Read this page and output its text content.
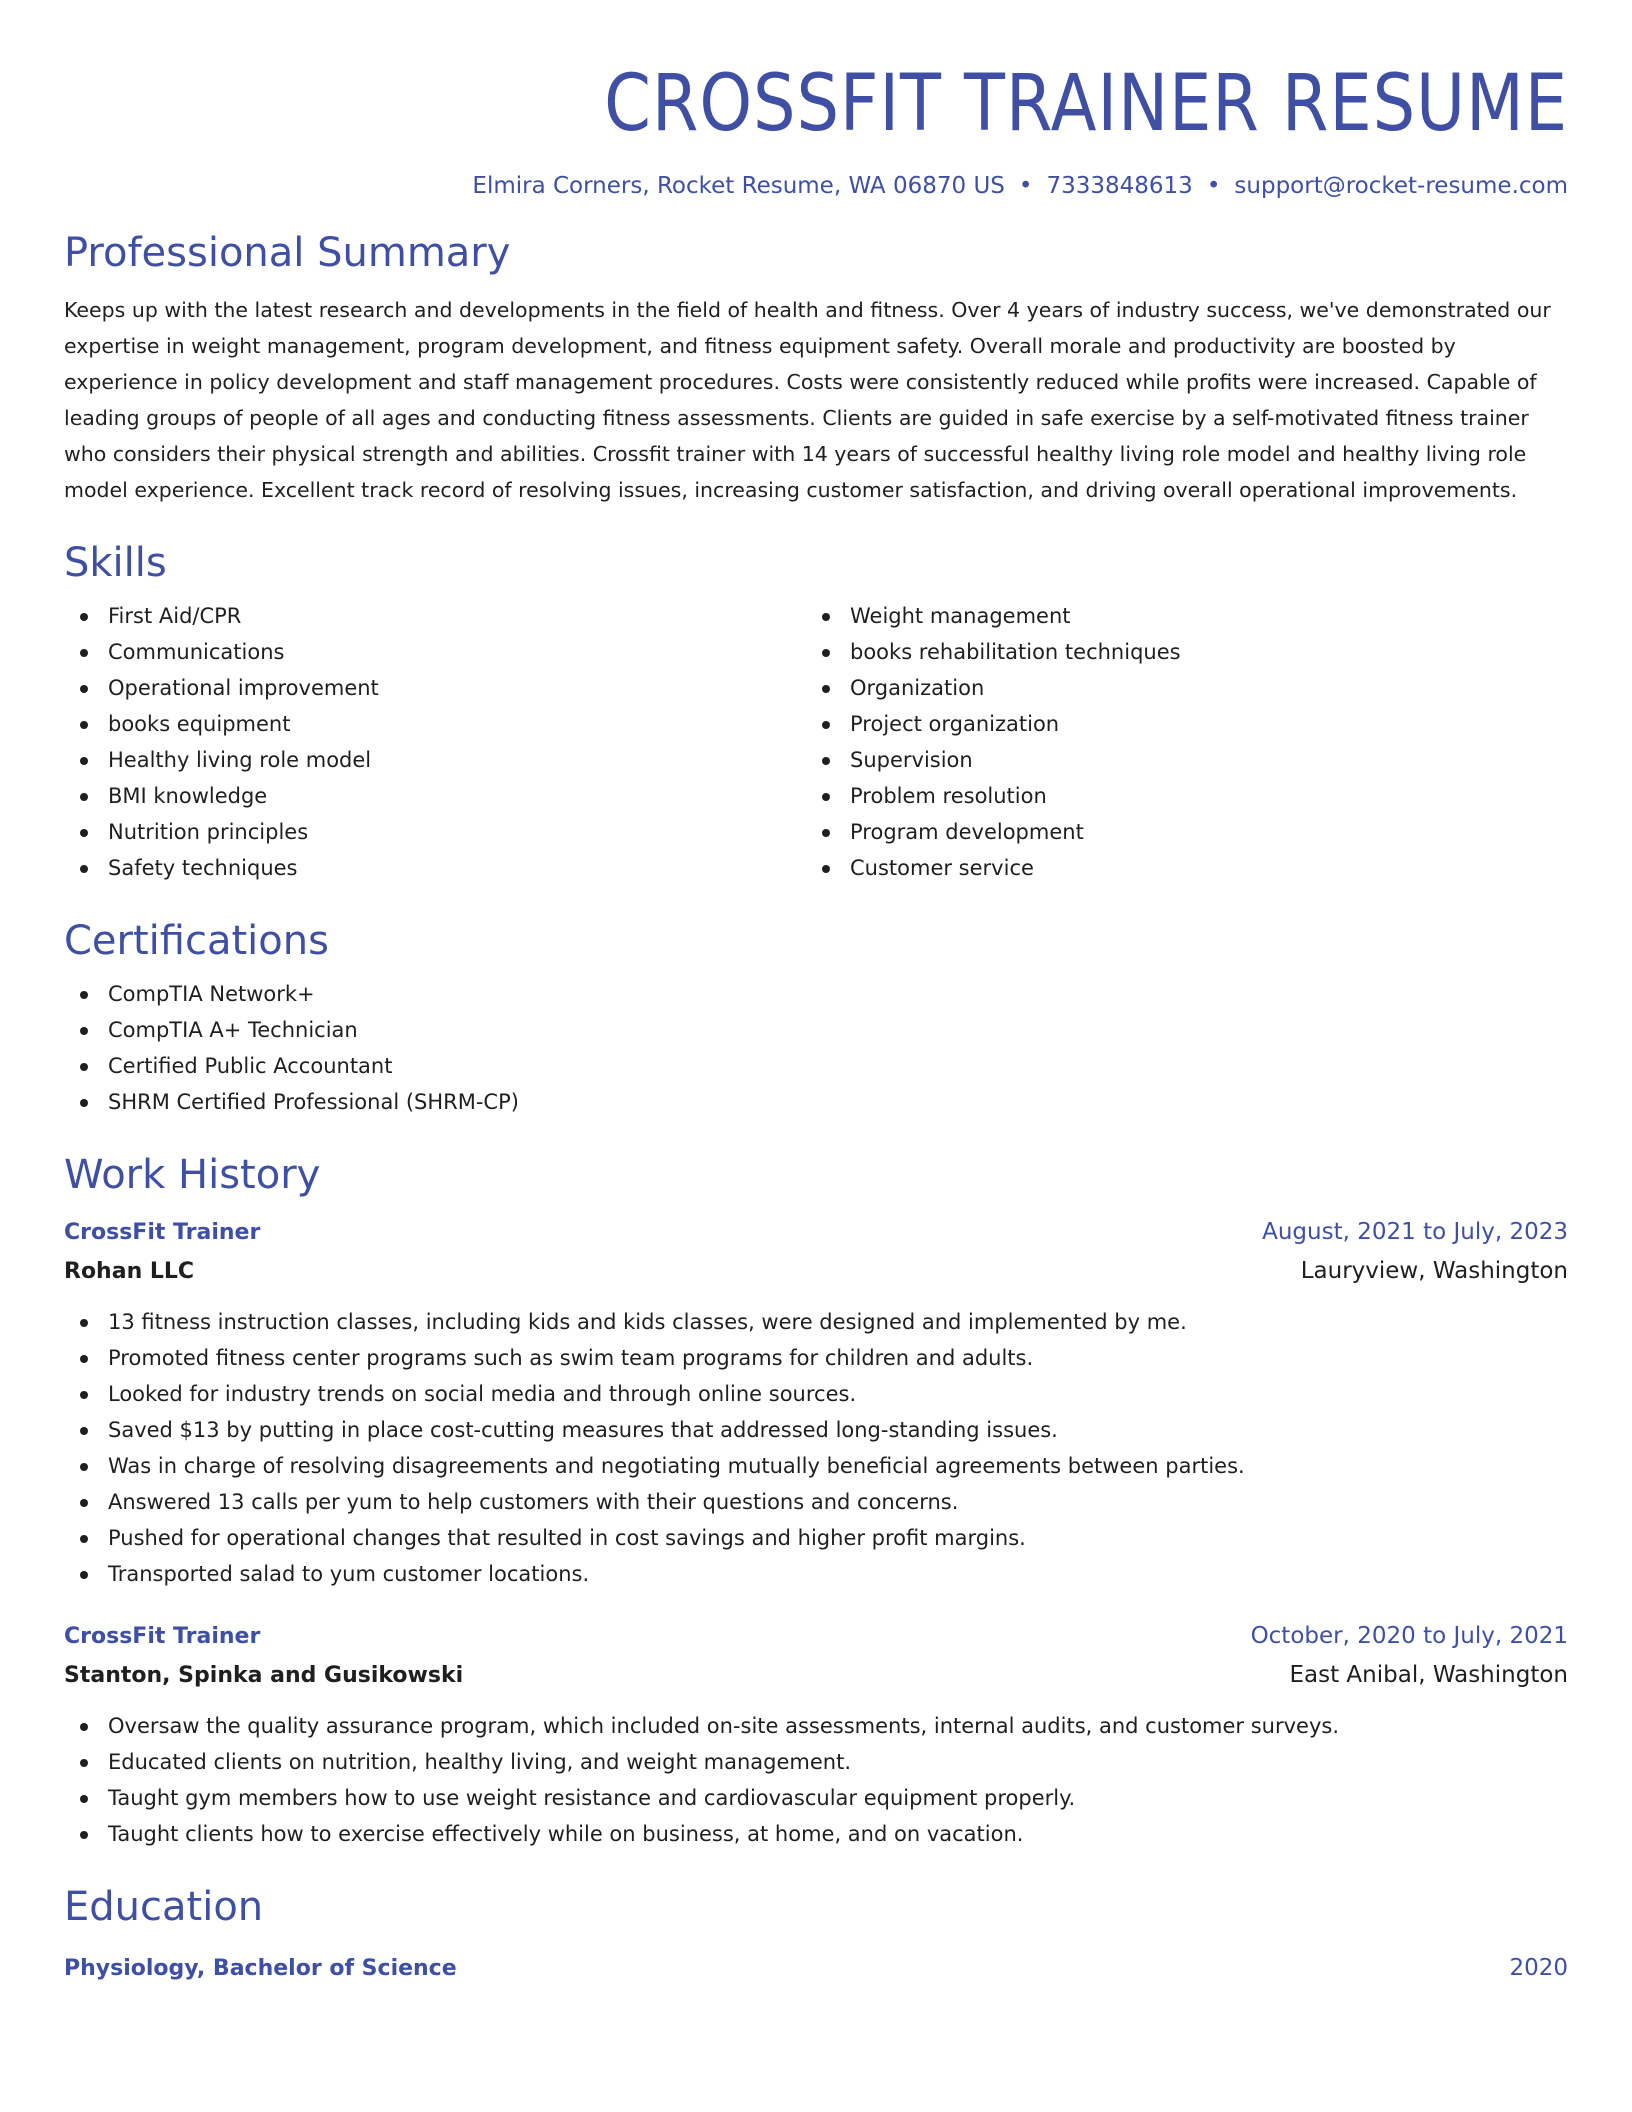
CROSSFIT TRAINER RESUME
Elmira Corners, Rocket Resume, WA 06870 US • 7333848613 • support@rocket-resume.com
Professional Summary

Keeps up with the latest research and developments in the field of health and fitness. Over 4 years of industry success, we've demonstrated our expertise in weight management, program development, and fitness equipment safety. Overall morale and productivity are boosted by experience in policy development and staff management procedures. Costs were consistently reduced while profits were increased. Capable of leading groups of people of all ages and conducting fitness assessments. Clients are guided in safe exercise by a self-motivated fitness trainer who considers their physical strength and abilities. Crossfit trainer with 14 years of successful healthy living role model and healthy living role model experience. Excellent track record of resolving issues, increasing customer satisfaction, and driving overall operational improvements.

Skills
First Aid/CPR
Communications
Operational improvement
books equipment
Healthy living role model
BMI knowledge
Nutrition principles
Safety techniques
Weight management
books rehabilitation techniques
Organization
Project organization
Supervision
Problem resolution
Program development
Customer service
Certifications
CompTIA Network+
CompTIA A+ Technician
Certified Public Accountant
SHRM Certified Professional (SHRM-CP)
Work History
CrossFit Trainer	August, 2021 to July, 2023
Rohan LLC	Lauryview, Washington
13 fitness instruction classes, including kids and kids classes, were designed and implemented by me.
Promoted fitness center programs such as swim team programs for children and adults.
Looked for industry trends on social media and through online sources.
Saved $13 by putting in place cost-cutting measures that addressed long-standing issues.
Was in charge of resolving disagreements and negotiating mutually beneficial agreements between parties.
Answered 13 calls per yum to help customers with their questions and concerns.
Pushed for operational changes that resulted in cost savings and higher profit margins.
Transported salad to yum customer locations.
CrossFit Trainer	October, 2020 to July, 2021
Stanton, Spinka and Gusikowski	East Anibal, Washington
Oversaw the quality assurance program, which included on-site assessments, internal audits, and customer surveys.
Educated clients on nutrition, healthy living, and weight management.
Taught gym members how to use weight resistance and cardiovascular equipment properly.
Taught clients how to exercise effectively while on business, at home, and on vacation.
Education
Physiology, Bachelor of Science	2020
